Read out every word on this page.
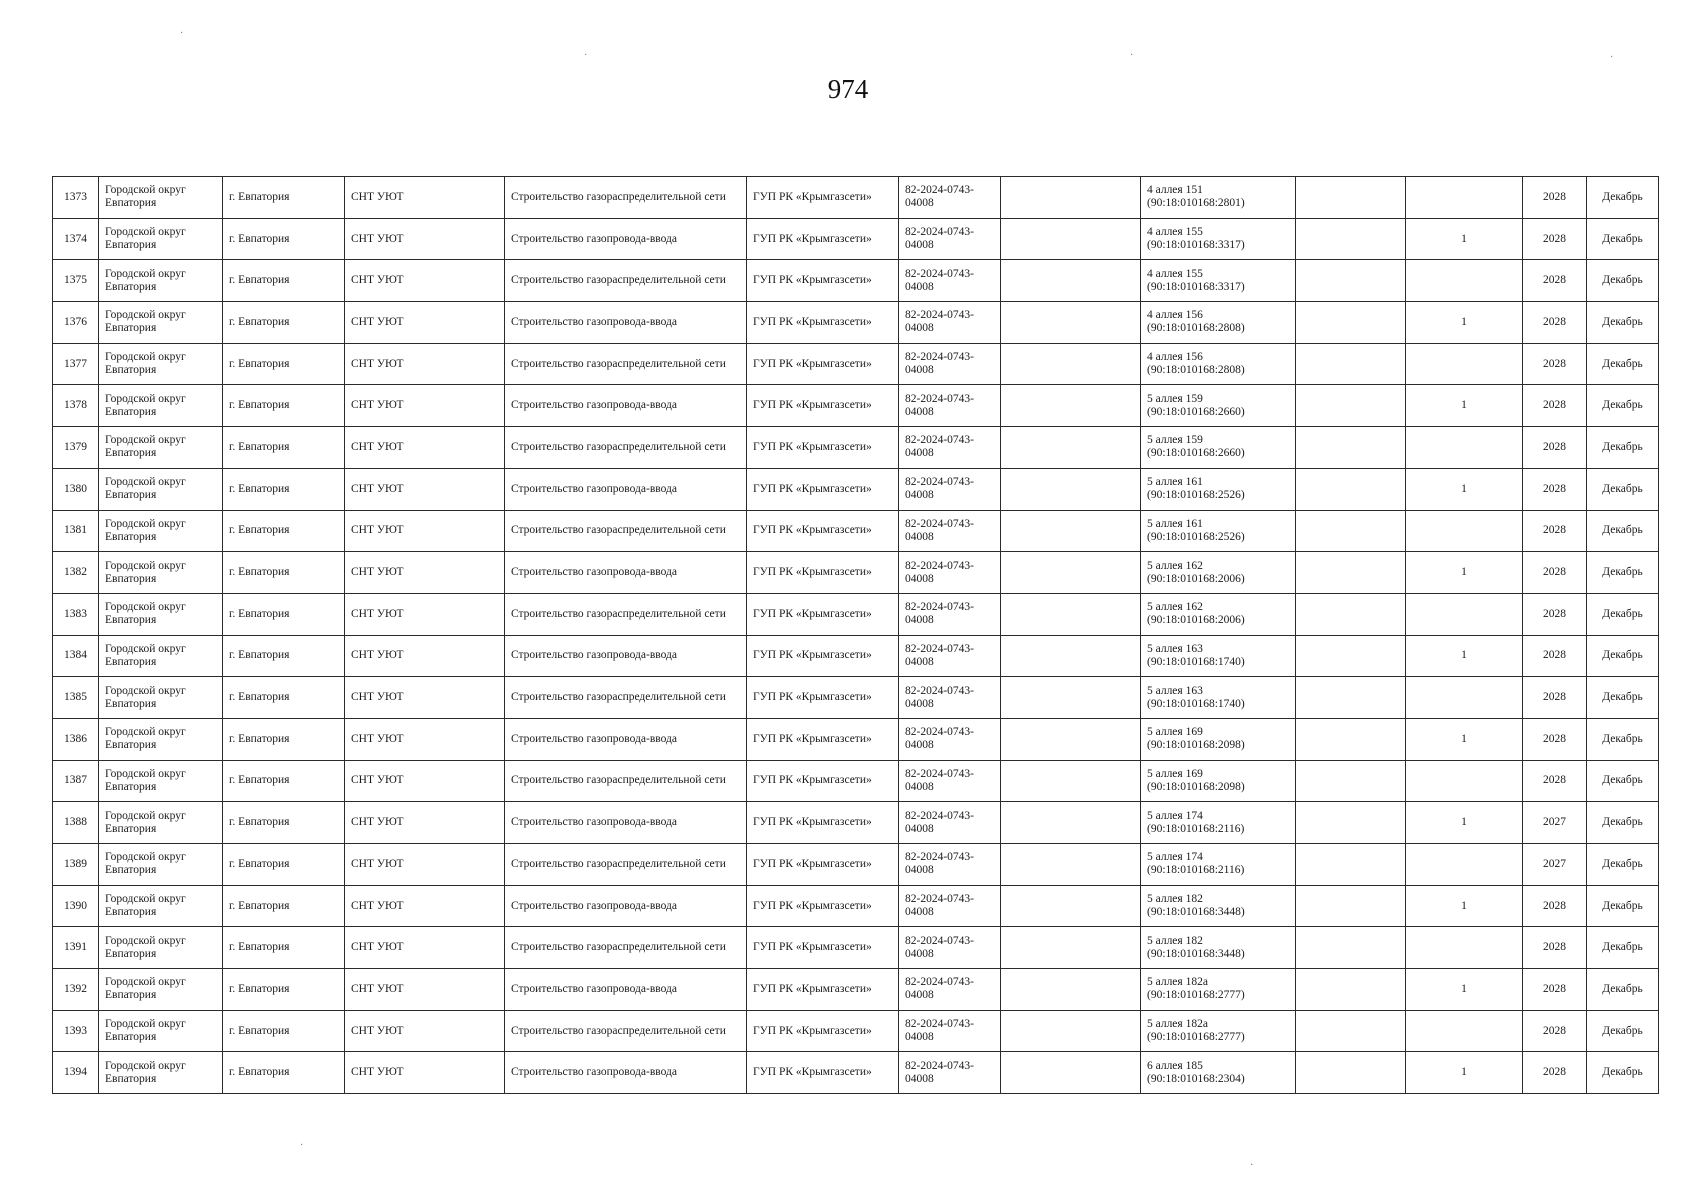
974
·
·	·	·
·
·
1373	Городской округ Евпатория	г. Евпатория	СНТ УЮТ	Строительство газораспределительной сети	ГУП РК «Крымгазсети»	82-2024-0743-04008		4 аллея 151
(90:18:010168:2801)			2028	Декабрь
1374	Городской округ Евпатория	г. Евпатория	СНТ УЮТ	Строительство газопровода-ввода	ГУП РК «Крымгазсети»	82-2024-0743-04008		4 аллея 155
(90:18:010168:3317)		1	2028	Декабрь
1375	Городской округ Евпатория	г. Евпатория	СНТ УЮТ	Строительство газораспределительной сети	ГУП РК «Крымгазсети»	82-2024-0743-04008		4 аллея 155
(90:18:010168:3317)			2028	Декабрь
1376	Городской округ Евпатория	г. Евпатория	СНТ УЮТ	Строительство газопровода-ввода	ГУП РК «Крымгазсети»	82-2024-0743-04008		4 аллея 156
(90:18:010168:2808)		1	2028	Декабрь
1377	Городской округ Евпатория	г. Евпатория	СНТ УЮТ	Строительство газораспределительной сети	ГУП РК «Крымгазсети»	82-2024-0743-04008		4 аллея 156
(90:18:010168:2808)			2028	Декабрь
1378	Городской округ Евпатория	г. Евпатория	СНТ УЮТ	Строительство газопровода-ввода	ГУП РК «Крымгазсети»	82-2024-0743-04008		5 аллея 159
(90:18:010168:2660)		1	2028	Декабрь
1379	Городской округ Евпатория	г. Евпатория	СНТ УЮТ	Строительство газораспределительной сети	ГУП РК «Крымгазсети»	82-2024-0743-04008		5 аллея 159
(90:18:010168:2660)			2028	Декабрь
1380	Городской округ Евпатория	г. Евпатория	СНТ УЮТ	Строительство газопровода-ввода	ГУП РК «Крымгазсети»	82-2024-0743-04008		5 аллея 161
(90:18:010168:2526)		1	2028	Декабрь
1381	Городской округ Евпатория	г. Евпатория	СНТ УЮТ	Строительство газораспределительной сети	ГУП РК «Крымгазсети»	82-2024-0743-04008		5 аллея 161
(90:18:010168:2526)			2028	Декабрь
1382	Городской округ Евпатория	г. Евпатория	СНТ УЮТ	Строительство газопровода-ввода	ГУП РК «Крымгазсети»	82-2024-0743-04008		5 аллея 162
(90:18:010168:2006)		1	2028	Декабрь
1383	Городской округ Евпатория	г. Евпатория	СНТ УЮТ	Строительство газораспределительной сети	ГУП РК «Крымгазсети»	82-2024-0743-04008		5 аллея 162
(90:18:010168:2006)			2028	Декабрь
1384	Городской округ Евпатория	г. Евпатория	СНТ УЮТ	Строительство газопровода-ввода	ГУП РК «Крымгазсети»	82-2024-0743-04008		5 аллея 163
(90:18:010168:1740)		1	2028	Декабрь
1385	Городской округ Евпатория	г. Евпатория	СНТ УЮТ	Строительство газораспределительной сети	ГУП РК «Крымгазсети»	82-2024-0743-04008		5 аллея 163
(90:18:010168:1740)			2028	Декабрь
1386	Городской округ Евпатория	г. Евпатория	СНТ УЮТ	Строительство газопровода-ввода	ГУП РК «Крымгазсети»	82-2024-0743-04008		5 аллея 169
(90:18:010168:2098)		1	2028	Декабрь
1387	Городской округ Евпатория	г. Евпатория	СНТ УЮТ	Строительство газораспределительной сети	ГУП РК «Крымгазсети»	82-2024-0743-04008		5 аллея 169
(90:18:010168:2098)			2028	Декабрь
1388	Городской округ Евпатория	г. Евпатория	СНТ УЮТ	Строительство газопровода-ввода	ГУП РК «Крымгазсети»	82-2024-0743-04008		5 аллея 174
(90:18:010168:2116)		1	2027	Декабрь
1389	Городской округ Евпатория	г. Евпатория	СНТ УЮТ	Строительство газораспределительной сети	ГУП РК «Крымгазсети»	82-2024-0743-04008		5 аллея 174
(90:18:010168:2116)			2027	Декабрь
1390	Городской округ Евпатория	г. Евпатория	СНТ УЮТ	Строительство газопровода-ввода	ГУП РК «Крымгазсети»	82-2024-0743-04008		5 аллея 182
(90:18:010168:3448)		1	2028	Декабрь
1391	Городской округ Евпатория	г. Евпатория	СНТ УЮТ	Строительство газораспределительной сети	ГУП РК «Крымгазсети»	82-2024-0743-04008		5 аллея 182
(90:18:010168:3448)			2028	Декабрь
1392	Городской округ Евпатория	г. Евпатория	СНТ УЮТ	Строительство газопровода-ввода	ГУП РК «Крымгазсети»	82-2024-0743-04008		5 аллея 182а
(90:18:010168:2777)		1	2028	Декабрь
1393	Городской округ Евпатория	г. Евпатория	СНТ УЮТ	Строительство газораспределительной сети	ГУП РК «Крымгазсети»	82-2024-0743-04008		5 аллея 182а
(90:18:010168:2777)			2028	Декабрь
1394	Городской округ Евпатория	г. Евпатория	СНТ УЮТ	Строительство газопровода-ввода	ГУП РК «Крымгазсети»	82-2024-0743-04008		6 аллея 185
(90:18:010168:2304)		1	2028	Декабрь
